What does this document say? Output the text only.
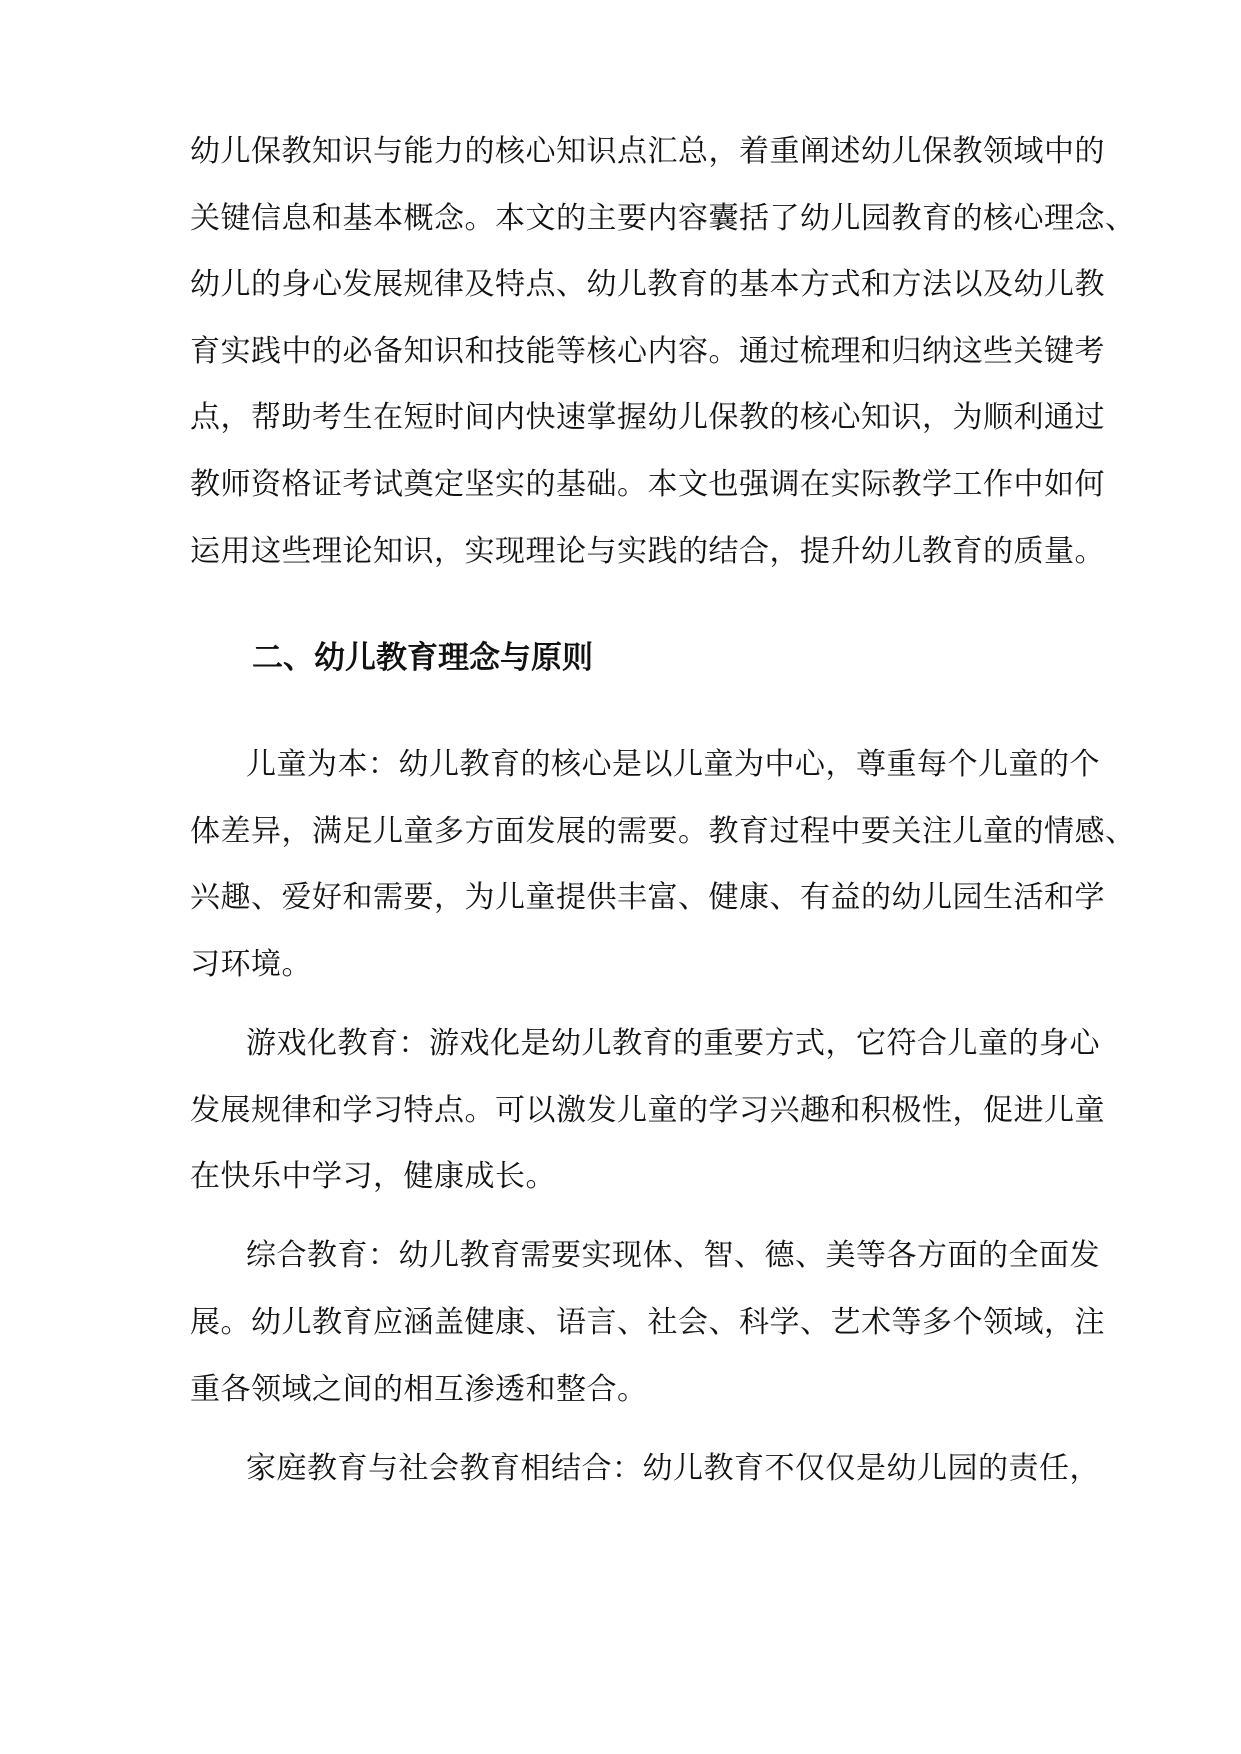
幼儿保教知识与能力的核心知识点汇总，着重阐述幼儿保教领域中的
关键信息和基本概念。本文的主要内容囊括了幼儿园教育的核心理念、
幼儿的身心发展规律及特点、幼儿教育的基本方式和方法以及幼儿教
育实践中的必备知识和技能等核心内容。通过梳理和归纳这些关键考
点，帮助考生在短时间内快速掌握幼儿保教的核心知识，为顺利通过
教师资格证考试奠定坚实的基础。本文也强调在实际教学工作中如何
运用这些理论知识，实现理论与实践的结合，提升幼儿教育的质量。
二、幼儿教育理念与原则
儿童为本：幼儿教育的核心是以儿童为中心，尊重每个儿童的个
体差异，满足儿童多方面发展的需要。教育过程中要关注儿童的情感、
兴趣、爱好和需要，为儿童提供丰富、健康、有益的幼儿园生活和学
习环境。
游戏化教育：游戏化是幼儿教育的重要方式，它符合儿童的身心
发展规律和学习特点。可以激发儿童的学习兴趣和积极性，促进儿童
在快乐中学习，健康成长。
综合教育：幼儿教育需要实现体、智、德、美等各方面的全面发
展。幼儿教育应涵盖健康、语言、社会、科学、艺术等多个领域，注
重各领域之间的相互渗透和整合。
家庭教育与社会教育相结合：幼儿教育不仅仅是幼儿园的责任，
